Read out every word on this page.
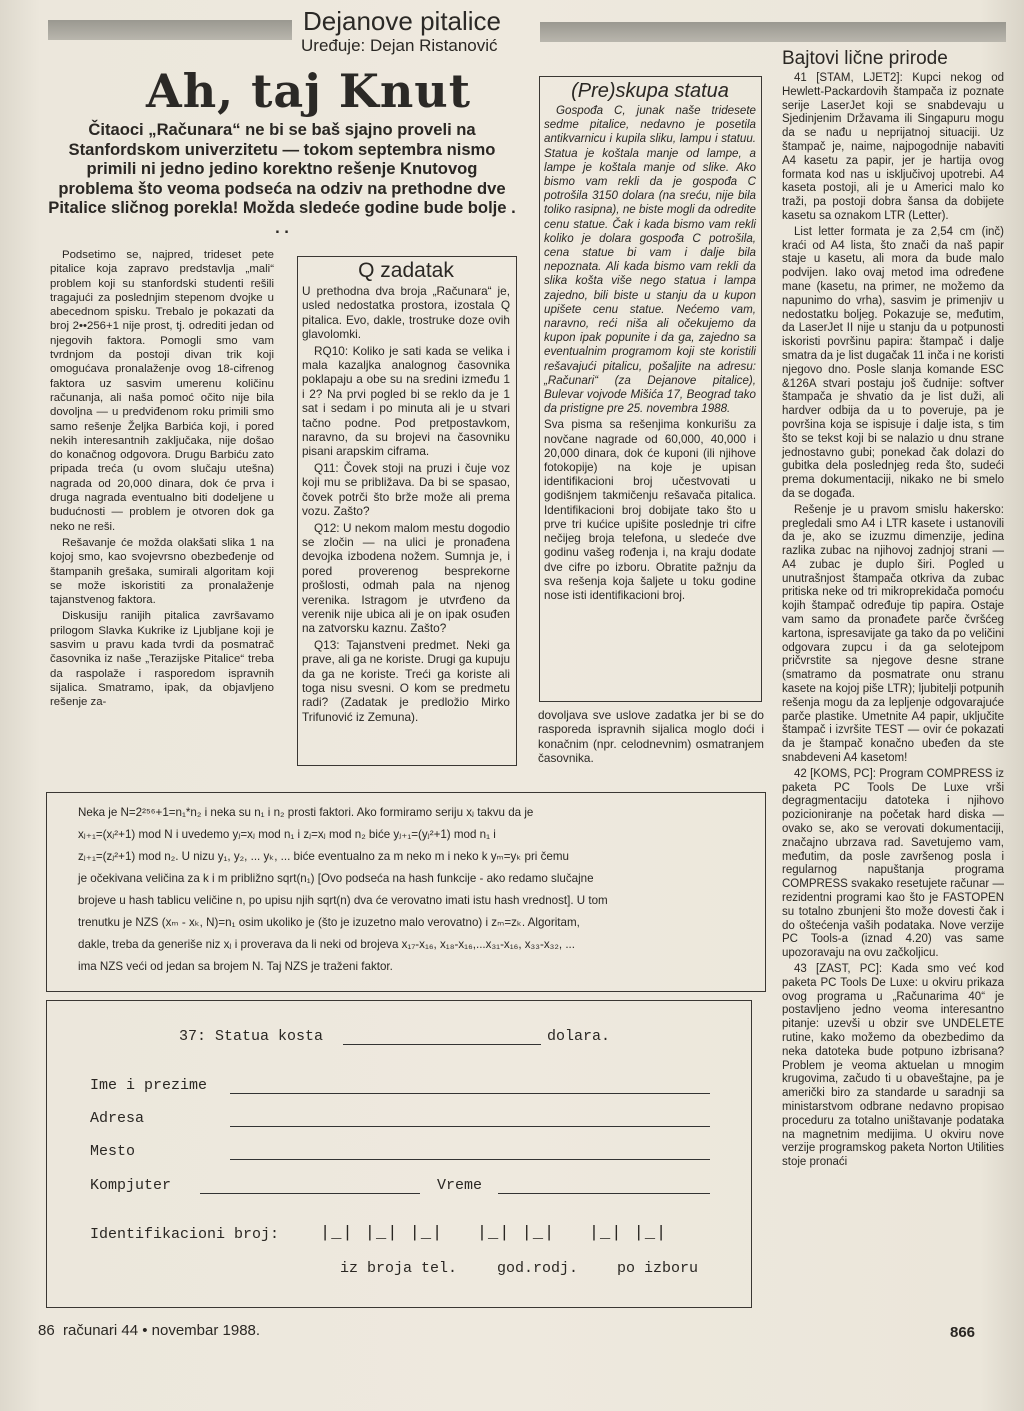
Dejanove pitalice
Uređuje: Dejan Ristanović
Ah, taj Knut
Čitaoci „Računara“ ne bi se baš sjajno proveli na Stanfordskom univerzitetu — tokom septembra nismo primili ni jedno jedino korektno rešenje Knutovog problema što veoma podseća na odziv na prethodne dve Pitalice sličnog porekla! Možda sledeće godine bude bolje . . .

Podsetimo se, najpred, trideset pete pitalice koja zapravo predstavlja „mali“ problem koji su stanfordski studenti rešili tragajući za poslednjim stepenom dvojke u abecednom spisku. Trebalo je pokazati da broj 2••256+1 nije prost, tj. odrediti jedan od njegovih faktora. Pomogli smo vam tvrdnjom da postoji divan trik koji omogućava pronalaženje ovog 18-cifrenog faktora uz sasvim umerenu količinu računanja, ali naša pomoć očito nije bila dovoljna — u predviđenom roku primili smo samo rešenje Željka Barbića koji, i pored nekih interesantnih zaključaka, nije došao do konačnog odgovora. Drugu Barbiću zato pripada treća (u ovom slučaju utešna) nagrada od 20,000 dinara, dok će prva i druga nagrada eventualno biti dodeljene u budućnosti — problem je otvoren dok ga neko ne reši.

Rešavanje će možda olakšati slika 1 na kojoj smo, kao svojevrsno obezbeđenje od štampanih grešaka, sumirali algoritam koji se može iskoristiti za pronalaženje tajanstvenog faktora.

Diskusiju ranijih pitalica završavamo prilogom Slavka Kukrike iz Ljubljane koji je sasvim u pravu kada tvrdi da posmatrač časovnika iz naše „Terazijske Pitalice“ treba da raspolaže i rasporedom ispravnih sijalica. Smatramo, ipak, da objavljeno rešenje za-

Q zadatak

U prethodna dva broja „Računara“ je, usled nedostatka prostora, izostala Q pitalica. Evo, dakle, trostruke doze ovih glavolomki.

RQ10: Koliko je sati kada se velika i mala kazaljka analognog časovnika poklapaju a obe su na sredini između 1 i 2? Na prvi pogled bi se reklo da je 1 sat i sedam i po minuta ali je u stvari tačno podne. Pod pretpostavkom, naravno, da su brojevi na časovniku pisani arapskim ciframa.

Q11: Čovek stoji na pruzi i čuje voz koji mu se približava. Da bi se spasao, čovek potrči što brže može ali prema vozu. Zašto?

Q12: U nekom malom mestu dogodio se zločin — na ulici je pronađena devojka izbodena nožem. Sumnja je, i pored proverenog besprekorne prošlosti, odmah pala na njenog verenika. Istragom je utvrđeno da verenik nije ubica ali je on ipak osuđen na zatvorsku kaznu. Zašto?

Q13: Tajanstveni predmet. Neki ga prave, ali ga ne koriste. Drugi ga kupuju da ga ne koriste. Treći ga koriste ali toga nisu svesni. O kom se predmetu radi? (Zadatak je predložio Mirko Trifunović iz Zemuna).

(Pre)skupa statua

Gospođa C, junak naše tridesete sedme pitalice, nedavno je posetila antikvarnicu i kupila sliku, lampu i statuu. Statua je koštala manje od lampe, a lampe je koštala manje od slike. Ako bismo vam rekli da je gospođa C potrošila 3150 dolara (na sreću, nije bila toliko rasipna), ne biste mogli da odredite cenu statue. Čak i kada bismo vam rekli koliko je dolara gospođa C potrošila, cena statue bi vam i dalje bila nepoznata. Ali kada bismo vam rekli da slika košta više nego statua i lampa zajedno, bili biste u stanju da u kupon upišete cenu statue. Nećemo vam, naravno, reći niša ali očekujemo da kupon ipak popunite i da ga, zajedno sa eventualnim programom koji ste koristili rešavajući pitalicu, pošaljite na adresu: „Računari“ (za Dejanove pitalice), Bulevar vojvode Mišića 17, Beograd tako da pristigne pre 25. novembra 1988.

Sva pisma sa rešenjima konkurišu za novčane nagrade od 60,000, 40,000 i 20,000 dinara, dok će kuponi (ili njihove fotokopije) na koje je upisan identifikacioni broj učestvovati u godišnjem takmičenju rešavača pitalica. Identifikacioni broj dobijate tako što u prve tri kućice upišite poslednje tri cifre nečijeg broja telefona, u sledeće dve godinu vašeg rođenja i, na kraju dodate dve cifre po izboru. Obratite pažnju da sva rešenja koja šaljete u toku godine nose isti identifikacioni broj.

dovoljava sve uslove zadatka jer bi se do rasporeda ispravnih sijalica moglo doći i konačnim (npr. celodnevnim) osmatranjem časovnika.
Bajtovi lične prirode

41 [STAM, LJET2]: Kupci nekog od Hewlett-Packardovih štampača iz poznate serije LaserJet koji se snabdevaju u Sjedinjenim Državama ili Singapuru mogu da se nađu u nepriјatnoj situaciji. Uz štampač je, naime, najpogodnije nabaviti A4 kasetu za papir, jer je hartija ovog formata kod nas u isključivoj upotrebi. A4 kaseta postoji, ali je u Americi malo ko traži, pa postoji dobra šansa da dobijete kasetu sa oznakom LTR (Letter).

List letter formata je za 2,54 cm (inč) kraći od A4 lista, što znači da naš papir staje u kasetu, ali mora da bude malo podvijen. Iako ovaj metod ima određene mane (kasetu, na primer, ne možemo da napunimo do vrha), sasvim je primenjiv u nedostatku boljeg. Pokazuje se, međutim, da LaserJet II nije u stanju da u potpunosti iskoristi površinu papira: štampač i dalje smatra da je list dugačak 11 inča i ne koristi njegovo dno. Posle slanja komande ESC &126A stvari postaju još čudnije: softver štampača je shvatio da je list duži, ali hardver odbija da u to poveruje, pa je površina koja se ispisuje i dalje ista, s tim što se tekst koji bi se nalazio u dnu strane jednostavno gubi; ponekad čak dolazi do gubitka dela poslednjeg reda što, sudeći prema dokumentaciji, nikako ne bi smelo da se događa.

Rešenje je u pravom smislu hakersko: pregledali smo A4 i LTR kasete i ustanovili da je, ako se izuzmu dimenzije, jedina razlika zubac na njihovoj zadnjoj strani — A4 zubac je duplo širi. Pogled u unutrašnjost štampača otkriva da zubac pritiska neke od tri mikroprekidača pomoću kojih štampač određuje tip papira. Ostaje vam samo da pronađete parče čvršćeg kartona, ispresavijate ga tako da po veličini odgovara zupcu i da ga selotejpom pričvrstite sa njegove desne strane (smatramo da posmatrate onu stranu kasete na kojoj piše LTR); ljubitelji potpunih rešenja mogu da za lepljenje odgovarajuće parče plastike. Umetnite A4 papir, uključite štampač i izvršite TEST — ovir će pokazati da je štampač konačno ubeđen da ste snabdeveni A4 kasetom!

42 [KOMS, PC]: Program COMPRESS iz paketa PC Tools De Luxe vrši degragmentaciju datoteka i njihovo pozicioniranje na početak hard diska — ovako se, ako se verovati dokumentaciji, značajno ubrzava rad. Savetujemo vam, međutim, da posle završenog posla i regularnog napuštanja programa COMPRESS svakako resetujete računar — rezidentni programi kao što je FASTOPEN su totalno zbunjeni što može dovesti čak i do oštećenja vaših podataka. Nove verzije PC Tools-a (iznad 4.20) vas same upozoravaju na ovu začkoljicu.

43 [ZAST, PC]: Kada smo već kod paketa PC Tools De Luxe: u okviru prikaza ovog programa u „Računarima 40“ je postavljeno jedno veoma interesantno pitanje: uzevši u obzir sve UNDELETE rutine, kako možemo da obezbedimo da neka datoteka bude potpuno izbrisana? Problem je veoma aktuelan u mnogim krugovima, začudo ti u obaveštajne, pa je američki biro za standarde u saradnji sa ministarstvom odbrane nedavno propisao proceduru za totalno uništavanje podataka na magnetnim medijima. U okviru nove verzije programskog paketa Norton Utilities stoje pronaći

Neka je N=2²⁵⁶+1=n₁*n₂ i neka su n₁ i n₂ prosti faktori. Ako formiramo seriju xⱼ takvu da je
xⱼ₊₁=(xⱼ²+1) mod N i uvedemo yⱼ=xⱼ mod n₁ i zⱼ=xⱼ mod n₂ biće yⱼ₊₁=(yⱼ²+1) mod n₁ i
zⱼ₊₁=(zⱼ²+1) mod n₂. U nizu y₁, y₂, ... yₖ, ... biće eventualno za m neko m i neko k yₘ=yₖ pri čemu
je očekivana veličina za k i m približno sqrt(n₁) [Ovo podseća na hash funkcije - ako redamo slučajne
brojeve u hash tablicu veličine n, po upisu njih sqrt(n) dva će verovatno imati istu hash vrednost]. U tom
trenutku je NZS (xₘ - xₖ, N)=n₁ osim ukoliko je (što je izuzetno malo verovatno) i zₘ=zₖ. Algoritam,
dakle, treba da generiše niz xⱼ i proverava da li neki od brojeva x₁₇-x₁₆, x₁₈-x₁₆,...x₃₁-x₁₆, x₃₃-x₃₂, ...
ima NZS veći od jedan sa brojem N. Taj NZS je traženi faktor.
37: Statua kosta	dolara.
Ime i prezime
Adresa
Mesto
Kompjuter	Vreme
Identifikacioni broj: |_| |_| |_|   |_| |_|   |_| |_|
iz broja tel.	god.rodj.	po izboru
86  računari 44 • novembar 1988.	866
